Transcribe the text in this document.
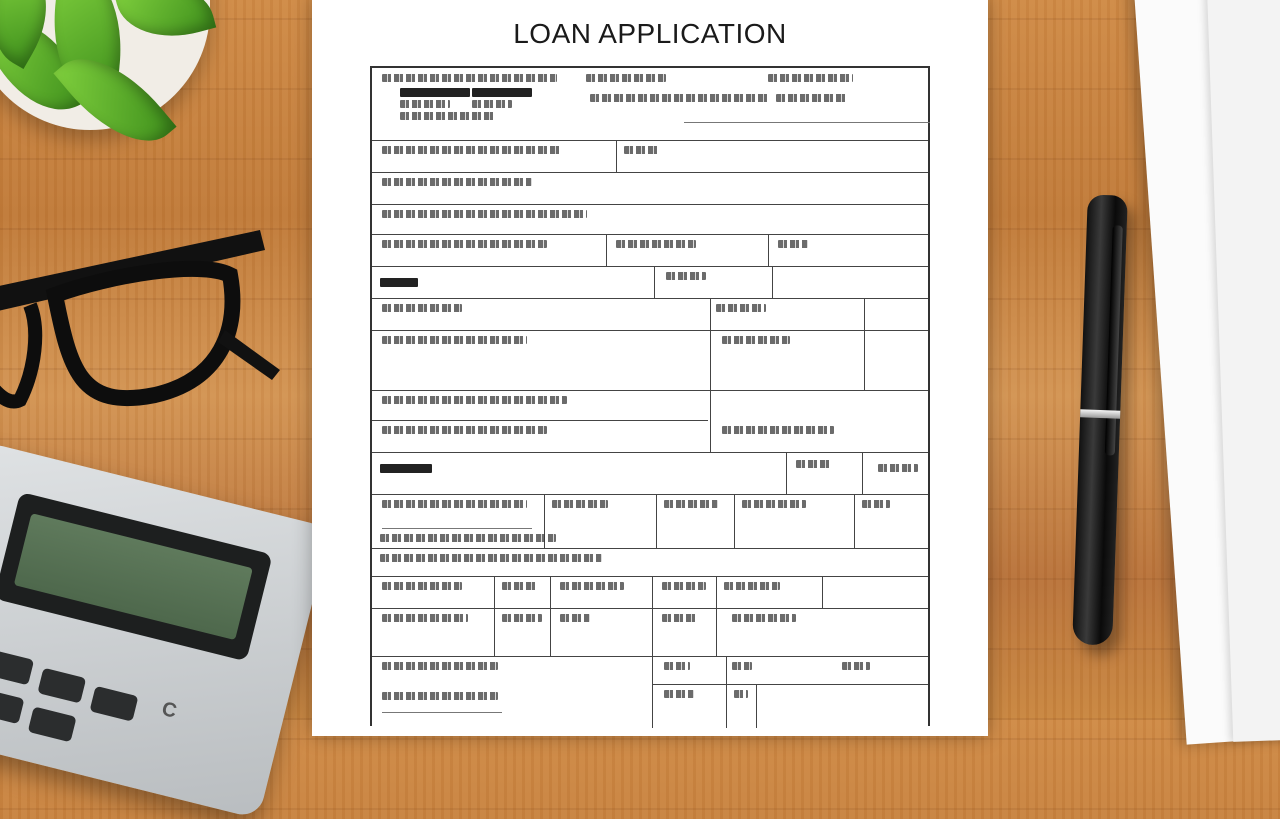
C
LOAN APPLICATION
